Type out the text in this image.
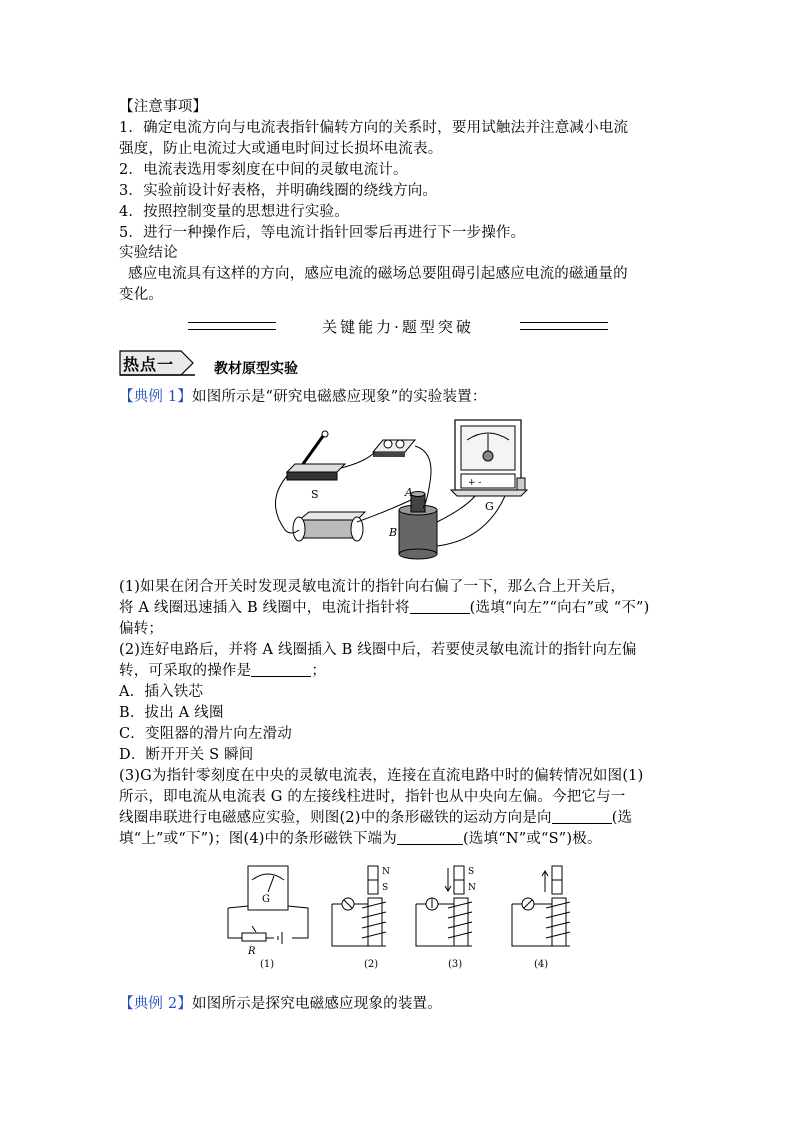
【注意事项】
1．确定电流方向与电流表指针偏转方向的关系时，要用试触法并注意减小电流
强度，防止电流过大或通电时间过长损坏电流表。
2．电流表选用零刻度在中间的灵敏电流计。
3．实验前设计好表格，并明确线圈的绕线方向。
4．按照控制变量的思想进行实验。
5．进行一种操作后，等电流计指针回零后再进行下一步操作。
实验结论
感应电流具有这样的方向，感应电流的磁场总要阻碍引起感应电流的磁通量的
变化。
关键能力·题型突破
热点一	教材原型实验
【典例 1】如图所示是“研究电磁感应现象”的实验装置：
S
+ -
G
A
B
(1)如果在闭合开关时发现灵敏电流计的指针向右偏了一下，那么合上开关后，
将 A 线圈迅速插入 B 线圈中，电流计指针将	(选填“向左”“向右”或 “不”)
偏转；
(2)连好电路后，并将 A 线圈插入 B 线圈中后，若要使灵敏电流计的指针向左偏
转，可采取的操作是	；
A．插入铁芯
B．拔出 A 线圈
C．变阻器的滑片向左滑动
D．断开开关 S 瞬间
(3)G为指针零刻度在中央的灵敏电流表，连接在直流电路中时的偏转情况如图(1)
所示，即电流从电流表 G 的左接线柱进时，指针也从中央向左偏。今把它与一
线圈串联进行电磁感应实验，则图(2)中的条形磁铁的运动方向是向	(选
填“上”或“下”)；图(4)中的条形磁铁下端为	(选填“N”或“S”)极。
G
R
N
S
S
N
(1)	(2)	(3)	(4)
【典例 2】如图所示是探究电磁感应现象的装置。
